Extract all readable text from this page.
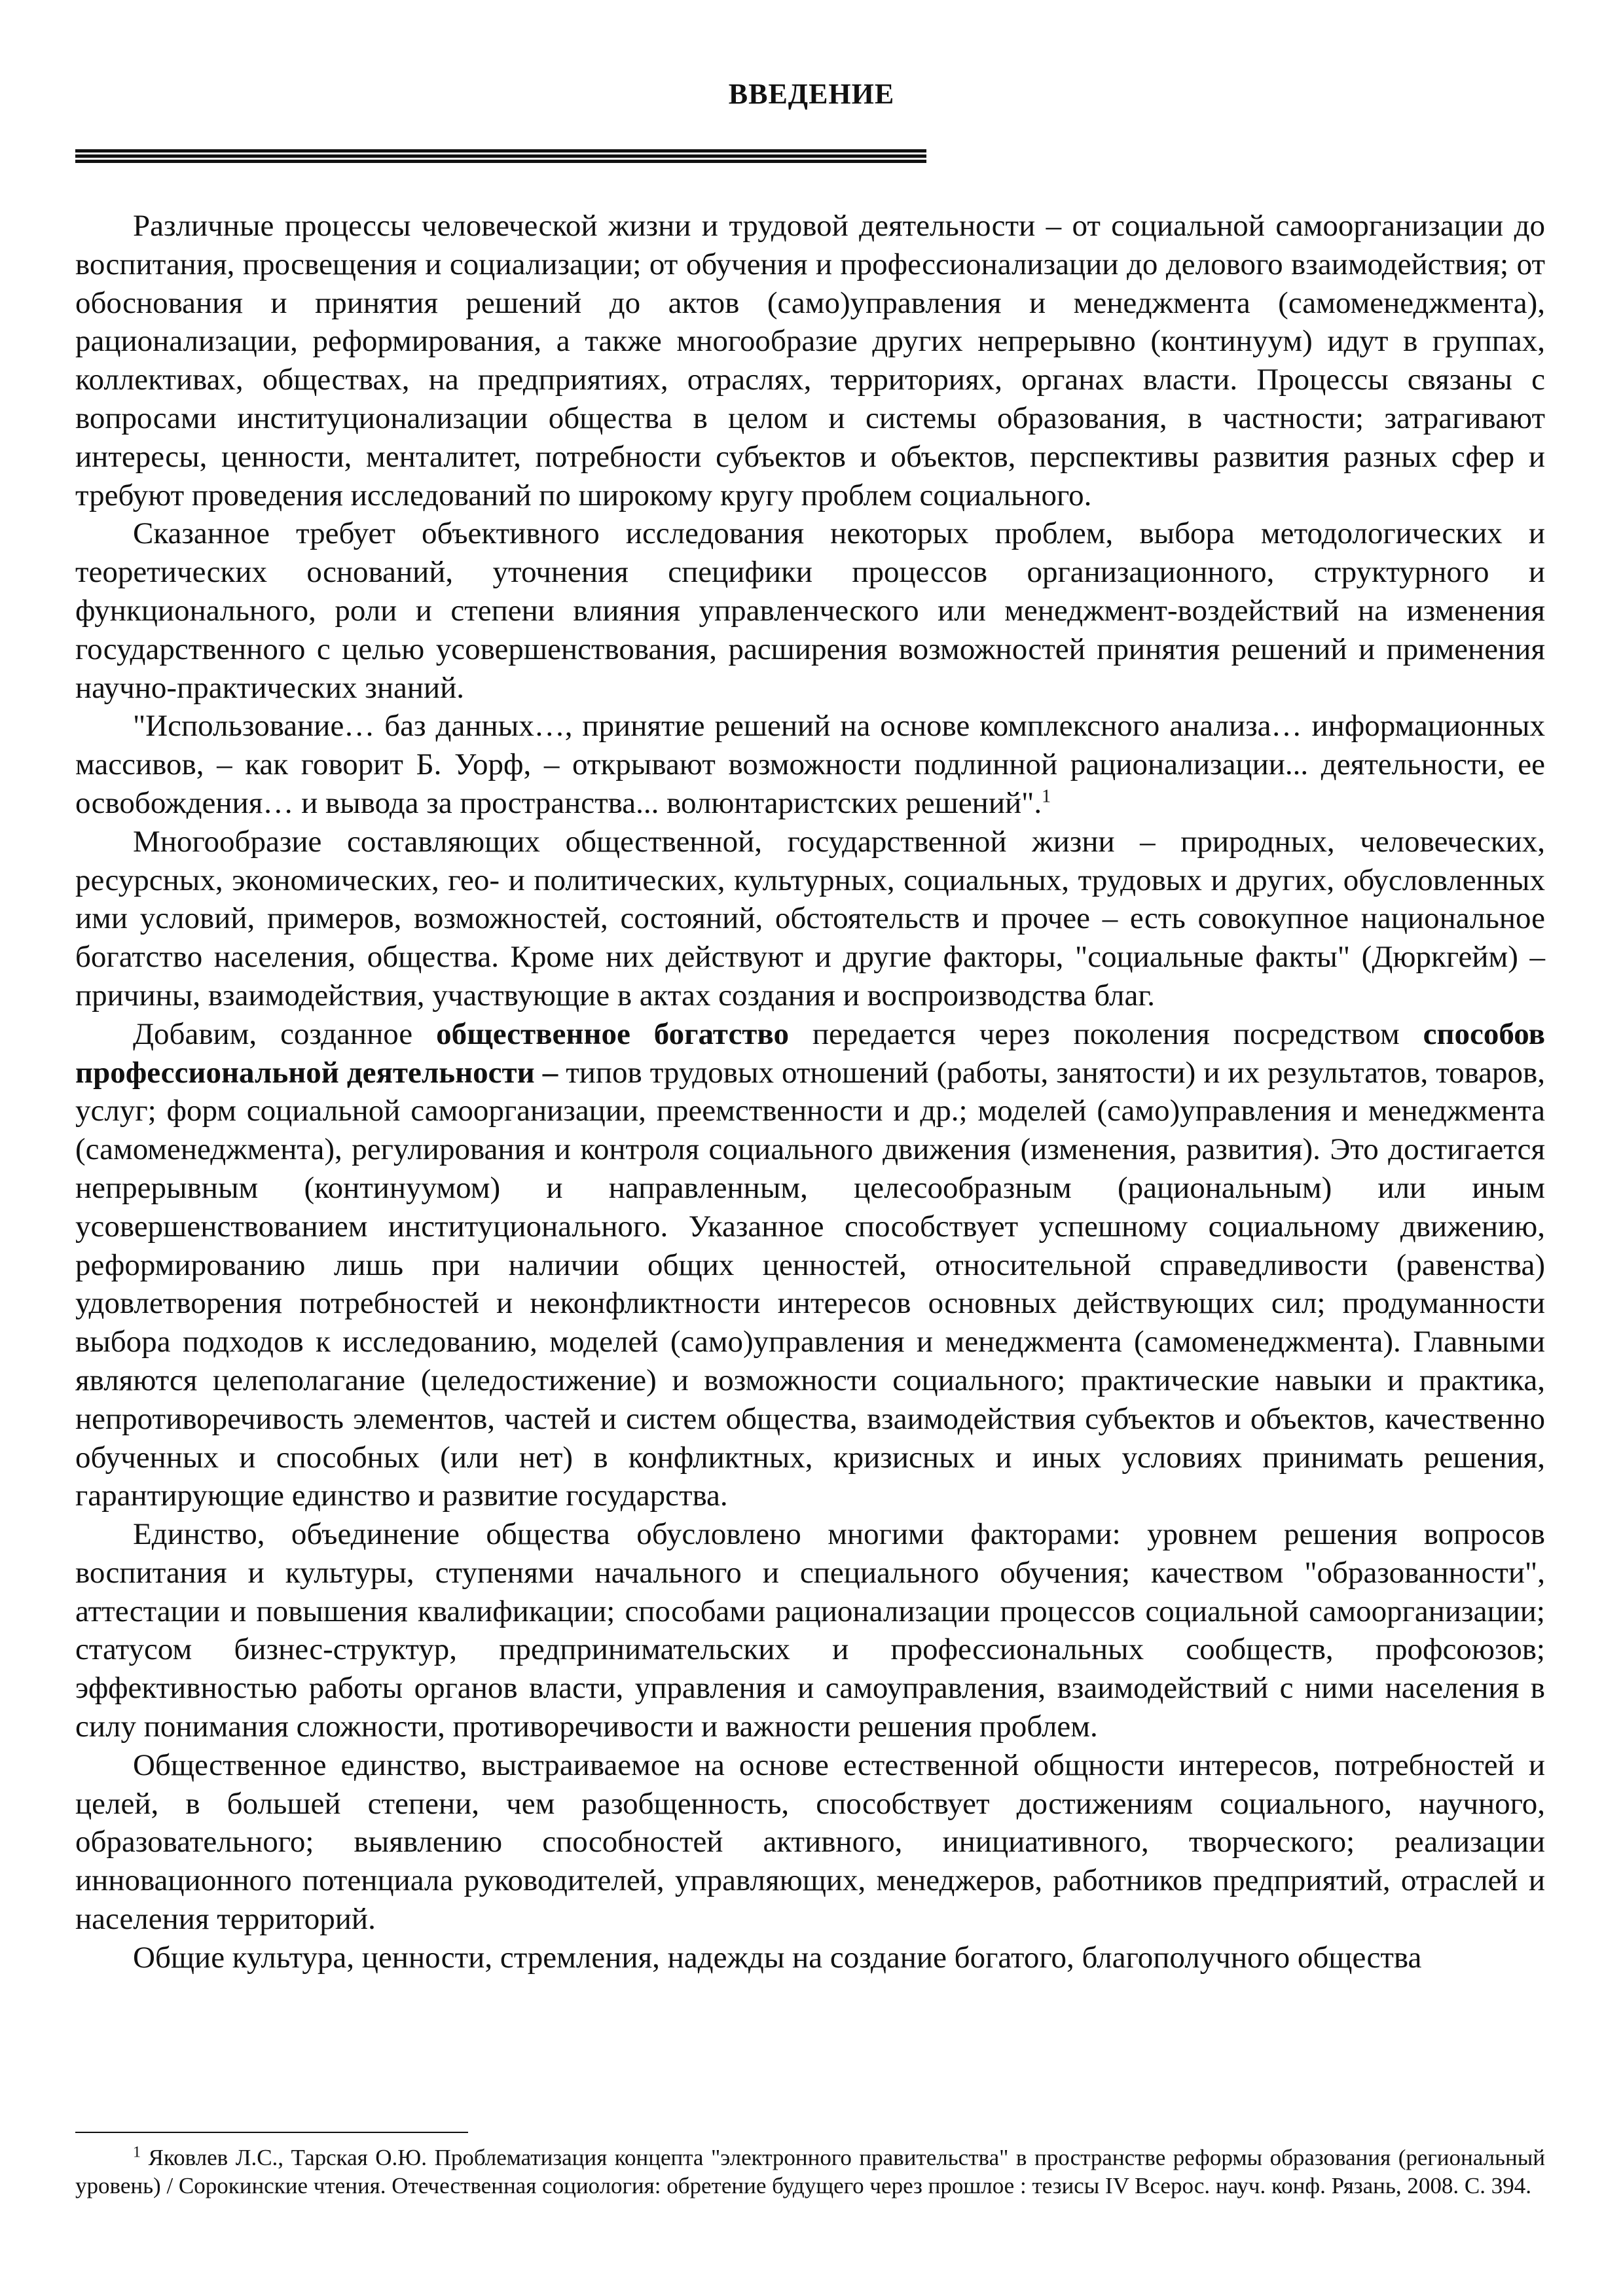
ВВЕДЕНИЕ

Различные процессы человеческой жизни и трудовой деятельности – от социальной самоорганизации до воспитания, просвещения и социализации; от обучения и профессионализации до делового взаимодействия; от обоснования и принятия решений до актов (само)управления и менеджмента (самоменеджмента), рационализации, реформирования, а также многообразие других непрерывно (континуум) идут в группах, коллективах, обществах, на предприятиях, отраслях, территориях, органах власти. Процессы связаны с вопросами институционализации общества в целом и системы образования, в частности; затрагивают интересы, ценности, менталитет, потребности субъектов и объектов, перспективы развития разных сфер и требуют проведения исследований по широкому кругу проблем социального.

Сказанное требует объективного исследования некоторых проблем, выбора методологических и теоретических оснований, уточнения специфики процессов организационного, структурного и функционального, роли и степени влияния управленческого или менеджмент-воздействий на изменения государственного с целью усовершенствования, расширения возможностей принятия решений и применения научно-практических знаний.

"Использование… баз данных…, принятие решений на основе комплексного анализа… информационных массивов, – как говорит Б. Уорф, – открывают возможности подлинной рационализации... деятельности, ее освобождения… и вывода за пространства... волюнтаристских решений".$^1$

Многообразие составляющих общественной, государственной жизни – природных, человеческих, ресурсных, экономических, гео- и политических, культурных, социальных, трудовых и других, обусловленных ими условий, примеров, возможностей, состояний, обстоятельств и прочее – есть совокупное национальное богатство населения, общества. Кроме них действуют и другие факторы, "социальные факты" (Дюркгейм) – причины, взаимодействия, участвующие в актах создания и воспроизводства благ.

Добавим, созданное общественное богатство передается через поколения посредством способов профессиональной деятельности – типов трудовых отношений (работы, занятости) и их результатов, товаров, услуг; форм социальной самоорганизации, преемственности и др.; моделей (само)управления и менеджмента (самоменеджмента), регулирования и контроля социального движения (изменения, развития). Это достигается непрерывным (континуумом) и направленным, целесообразным (рациональным) или иным усовершенствованием институционального. Указанное способствует успешному социальному движению, реформированию лишь при наличии общих ценностей, относительной справедливости (равенства) удовлетворения потребностей и неконфликтности интересов основных действующих сил; продуманности выбора подходов к исследованию, моделей (само)управления и менеджмента (самоменеджмента). Главными являются целеполагание (целедостижение) и возможности социального; практические навыки и практика, непротиворечивость элементов, частей и систем общества, взаимодействия субъектов и объектов, качественно обученных и способных (или нет) в конфликтных, кризисных и иных условиях принимать решения, гарантирующие единство и развитие государства.

Единство, объединение общества обусловлено многими факторами: уровнем решения вопросов воспитания и культуры, ступенями начального и специального обучения; качеством "образованности", аттестации и повышения квалификации; способами рационализации процессов социальной самоорганизации; статусом бизнес-структур, предпринимательских и профессиональных сообществ, профсоюзов; эффективностью работы органов власти, управления и самоуправления, взаимодействий с ними населения в силу понимания сложности, противоречивости и важности решения проблем.

Общественное единство, выстраиваемое на основе естественной общности интересов, потребностей и целей, в большей степени, чем разобщенность, способствует достижениям социального, научного, образовательного; выявлению способностей активного, инициативного, творческого; реализации инновационного потенциала руководителей, управляющих, менеджеров, работников предприятий, отраслей и населения территорий.

Общие культура, ценности, стремления, надежды на создание богатого, благополучного общества

$^1$ Яковлев Л.С., Тарская О.Ю. Проблематизация концепта "электронного правительства" в пространстве реформы образования (региональный уровень) / Сорокинские чтения. Отечественная социология: обретение будущего через прошлое : тезисы IV Всерос. науч. конф. Рязань, 2008. С. 394.
